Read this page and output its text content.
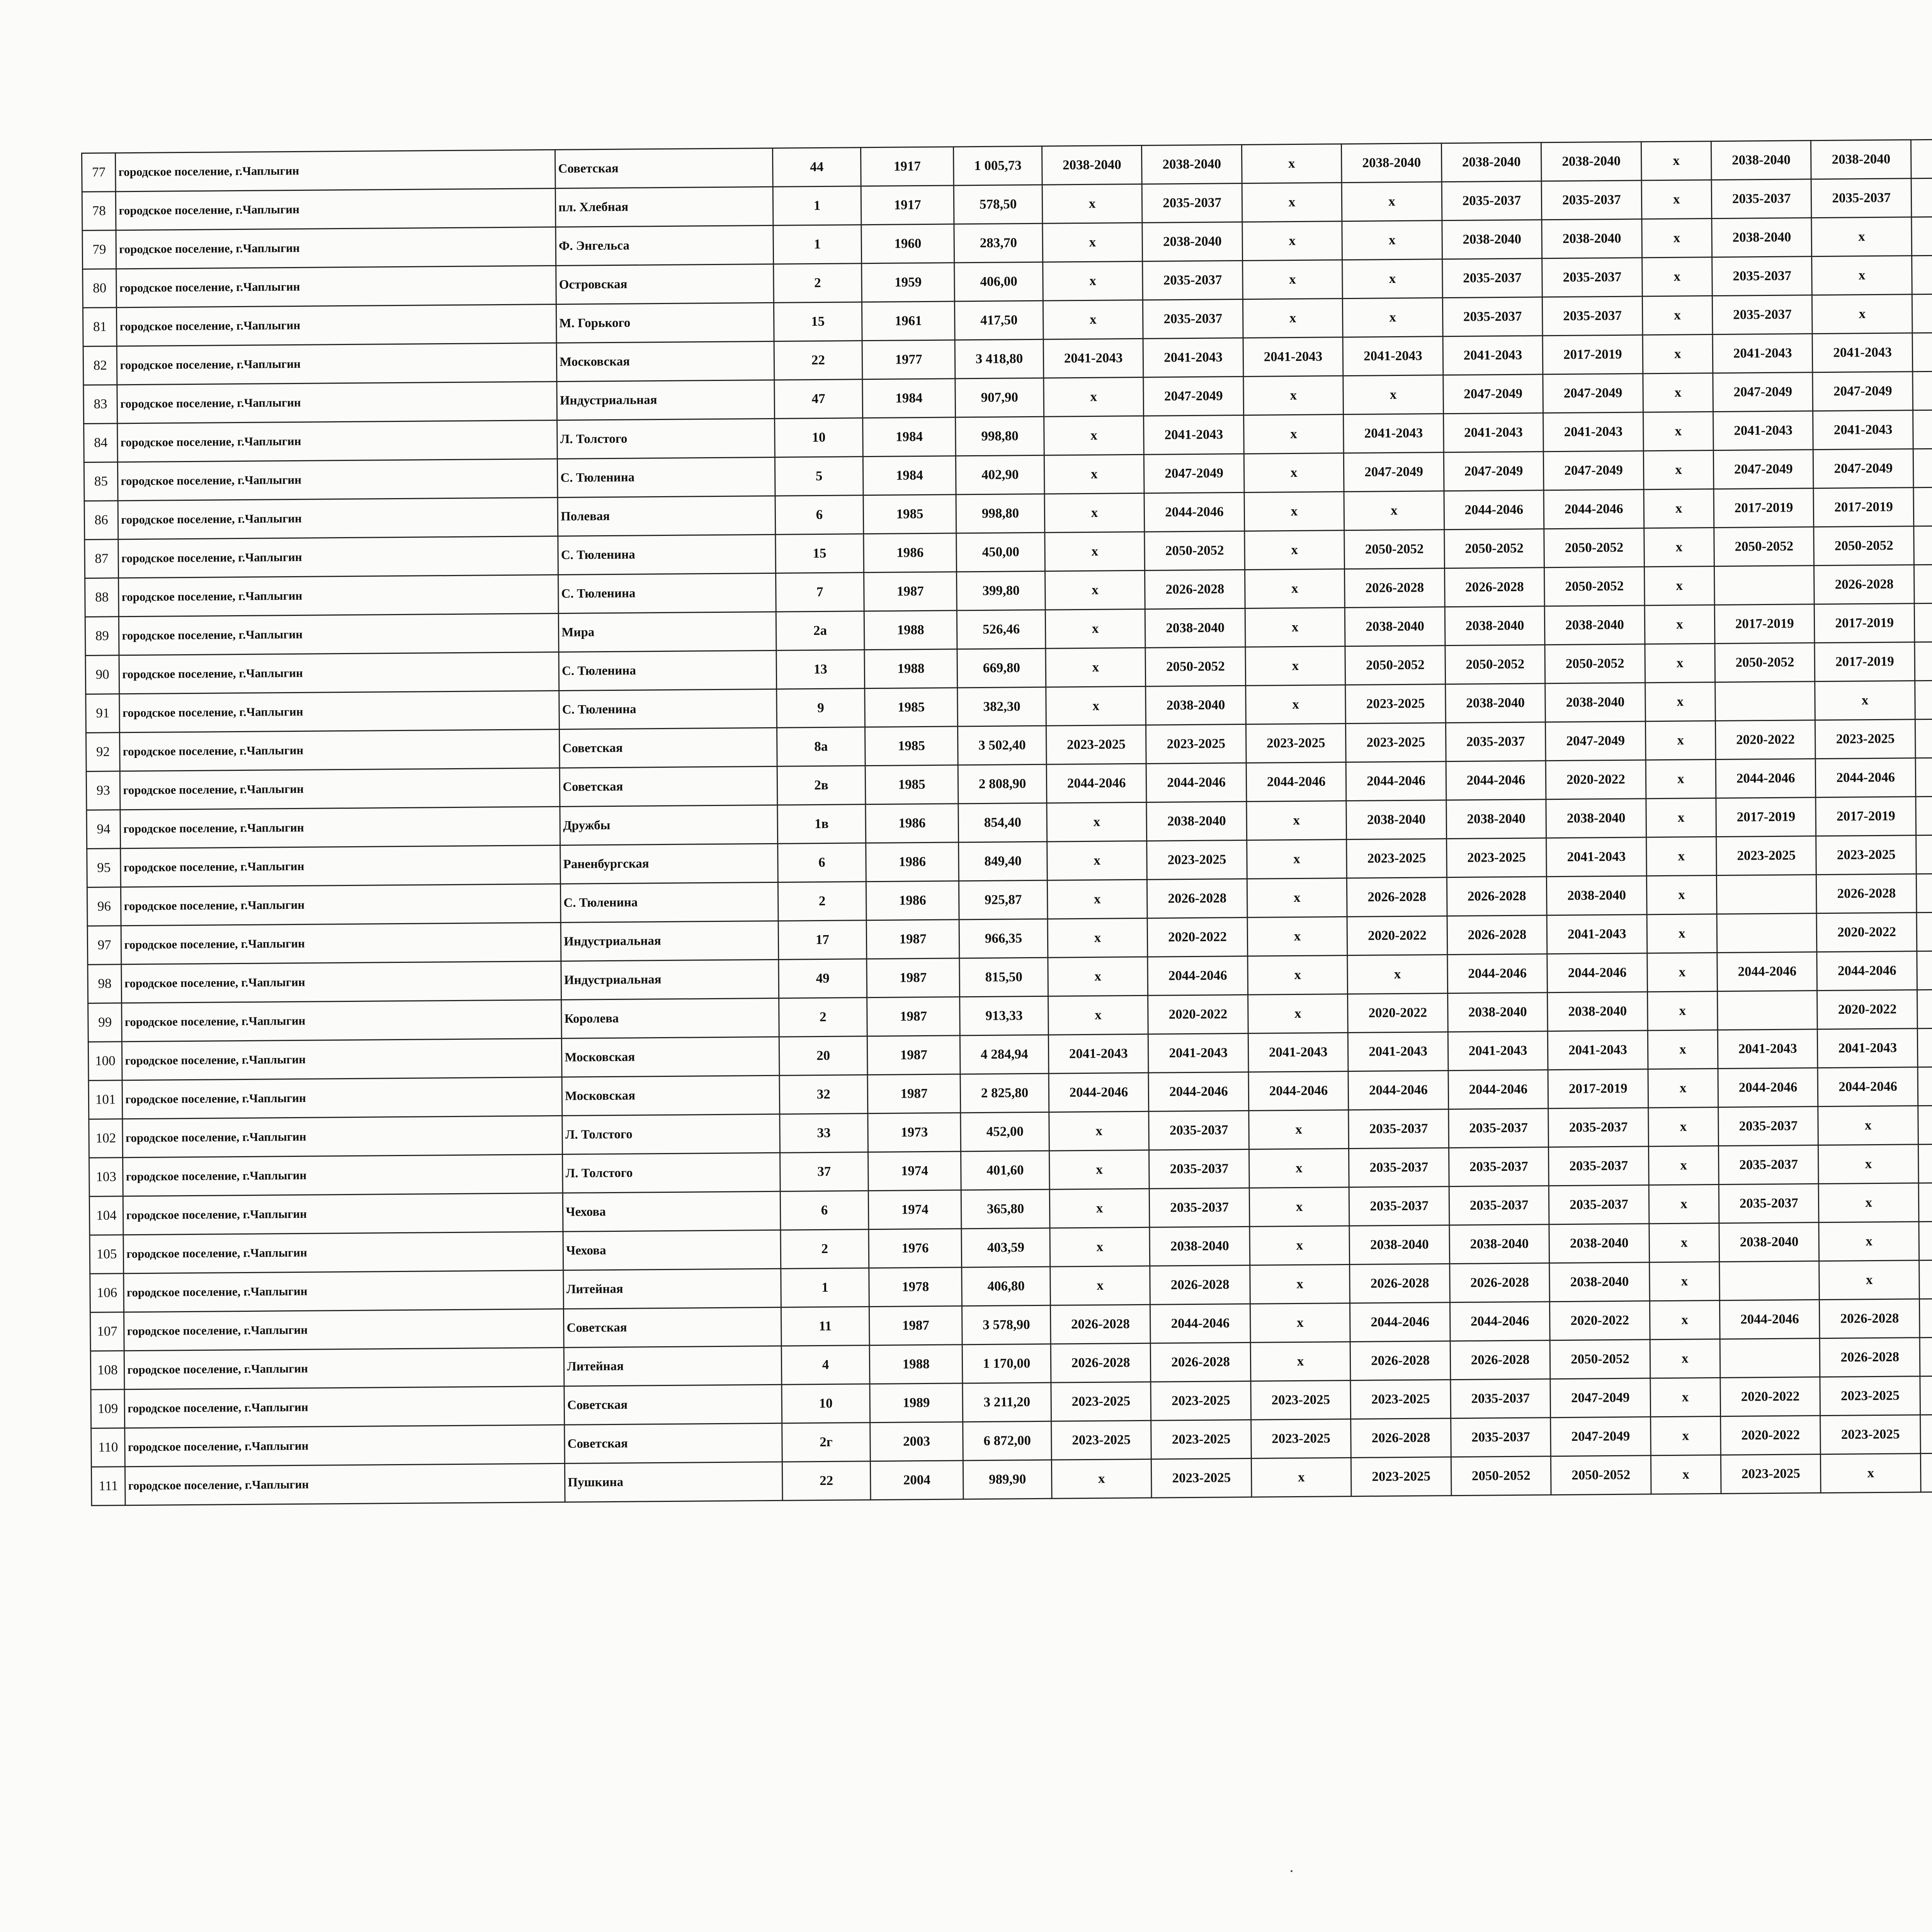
77	городское поселение, г.Чаплыгин	Советская	44	1917	1 005,73	2038-2040	2038-2040	х	2038-2040	2038-2040	2038-2040	х	2038-2040	2038-2040										
78	городское поселение, г.Чаплыгин	пл. Хлебная	1	1917	578,50	х	2035-2037	х	х	2035-2037	2035-2037	х	2035-2037	2035-2037										
79	городское поселение, г.Чаплыгин	Ф. Энгельса	1	1960	283,70	х	2038-2040	х	х	2038-2040	2038-2040	х	2038-2040	х										
80	городское поселение, г.Чаплыгин	Островская	2	1959	406,00	х	2035-2037	х	х	2035-2037	2035-2037	х	2035-2037	х										
81	городское поселение, г.Чаплыгин	М. Горького	15	1961	417,50	х	2035-2037	х	х	2035-2037	2035-2037	х	2035-2037	х										
82	городское поселение, г.Чаплыгин	Московская	22	1977	3 418,80	2041-2043	2041-2043	2041-2043	2041-2043	2041-2043	2017-2019	х	2041-2043	2041-2043										
83	городское поселение, г.Чаплыгин	Индустриальная	47	1984	907,90	х	2047-2049	х	х	2047-2049	2047-2049	х	2047-2049	2047-2049										
84	городское поселение, г.Чаплыгин	Л. Толстого	10	1984	998,80	х	2041-2043	х	2041-2043	2041-2043	2041-2043	х	2041-2043	2041-2043										
85	городское поселение, г.Чаплыгин	С. Тюленина	5	1984	402,90	х	2047-2049	х	2047-2049	2047-2049	2047-2049	х	2047-2049	2047-2049										
86	городское поселение, г.Чаплыгин	Полевая	6	1985	998,80	х	2044-2046	х	х	2044-2046	2044-2046	х	2017-2019	2017-2019										
87	городское поселение, г.Чаплыгин	С. Тюленина	15	1986	450,00	х	2050-2052	х	2050-2052	2050-2052	2050-2052	х	2050-2052	2050-2052										
88	городское поселение, г.Чаплыгин	С. Тюленина	7	1987	399,80	х	2026-2028	х	2026-2028	2026-2028	2050-2052	х		2026-2028										
89	городское поселение, г.Чаплыгин	Мира	2а	1988	526,46	х	2038-2040	х	2038-2040	2038-2040	2038-2040	х	2017-2019	2017-2019										
90	городское поселение, г.Чаплыгин	С. Тюленина	13	1988	669,80	х	2050-2052	х	2050-2052	2050-2052	2050-2052	х	2050-2052	2017-2019										
91	городское поселение, г.Чаплыгин	С. Тюленина	9	1985	382,30	х	2038-2040	х	2023-2025	2038-2040	2038-2040	х		х										
92	городское поселение, г.Чаплыгин	Советская	8а	1985	3 502,40	2023-2025	2023-2025	2023-2025	2023-2025	2035-2037	2047-2049	х	2020-2022	2023-2025										
93	городское поселение, г.Чаплыгин	Советская	2в	1985	2 808,90	2044-2046	2044-2046	2044-2046	2044-2046	2044-2046	2020-2022	х	2044-2046	2044-2046										
94	городское поселение, г.Чаплыгин	Дружбы	1в	1986	854,40	х	2038-2040	х	2038-2040	2038-2040	2038-2040	х	2017-2019	2017-2019										
95	городское поселение, г.Чаплыгин	Раненбургская	6	1986	849,40	х	2023-2025	х	2023-2025	2023-2025	2041-2043	х	2023-2025	2023-2025										
96	городское поселение, г.Чаплыгин	С. Тюленина	2	1986	925,87	х	2026-2028	х	2026-2028	2026-2028	2038-2040	х		2026-2028										
97	городское поселение, г.Чаплыгин	Индустриальная	17	1987	966,35	х	2020-2022	х	2020-2022	2026-2028	2041-2043	х		2020-2022										
98	городское поселение, г.Чаплыгин	Индустриальная	49	1987	815,50	х	2044-2046	х	х	2044-2046	2044-2046	х	2044-2046	2044-2046										
99	городское поселение, г.Чаплыгин	Королева	2	1987	913,33	х	2020-2022	х	2020-2022	2038-2040	2038-2040	х		2020-2022										
100	городское поселение, г.Чаплыгин	Московская	20	1987	4 284,94	2041-2043	2041-2043	2041-2043	2041-2043	2041-2043	2041-2043	х	2041-2043	2041-2043										
101	городское поселение, г.Чаплыгин	Московская	32	1987	2 825,80	2044-2046	2044-2046	2044-2046	2044-2046	2044-2046	2017-2019	х	2044-2046	2044-2046										
102	городское поселение, г.Чаплыгин	Л. Толстого	33	1973	452,00	х	2035-2037	х	2035-2037	2035-2037	2035-2037	х	2035-2037	х										
103	городское поселение, г.Чаплыгин	Л. Толстого	37	1974	401,60	х	2035-2037	х	2035-2037	2035-2037	2035-2037	х	2035-2037	х										
104	городское поселение, г.Чаплыгин	Чехова	6	1974	365,80	х	2035-2037	х	2035-2037	2035-2037	2035-2037	х	2035-2037	х										
105	городское поселение, г.Чаплыгин	Чехова	2	1976	403,59	х	2038-2040	х	2038-2040	2038-2040	2038-2040	х	2038-2040	х										
106	городское поселение, г.Чаплыгин	Литейная	1	1978	406,80	х	2026-2028	х	2026-2028	2026-2028	2038-2040	х		х										
107	городское поселение, г.Чаплыгин	Советская	11	1987	3 578,90	2026-2028	2044-2046	х	2044-2046	2044-2046	2020-2022	х	2044-2046	2026-2028										
108	городское поселение, г.Чаплыгин	Литейная	4	1988	1 170,00	2026-2028	2026-2028	х	2026-2028	2026-2028	2050-2052	х		2026-2028										
109	городское поселение, г.Чаплыгин	Советская	10	1989	3 211,20	2023-2025	2023-2025	2023-2025	2023-2025	2035-2037	2047-2049	х	2020-2022	2023-2025										
110	городское поселение, г.Чаплыгин	Советская	2г	2003	6 872,00	2023-2025	2023-2025	2023-2025	2026-2028	2035-2037	2047-2049	х	2020-2022	2023-2025										
111	городское поселение, г.Чаплыгин	Пушкина	22	2004	989,90	х	2023-2025	х	2023-2025	2050-2052	2050-2052	х	2023-2025	х										
